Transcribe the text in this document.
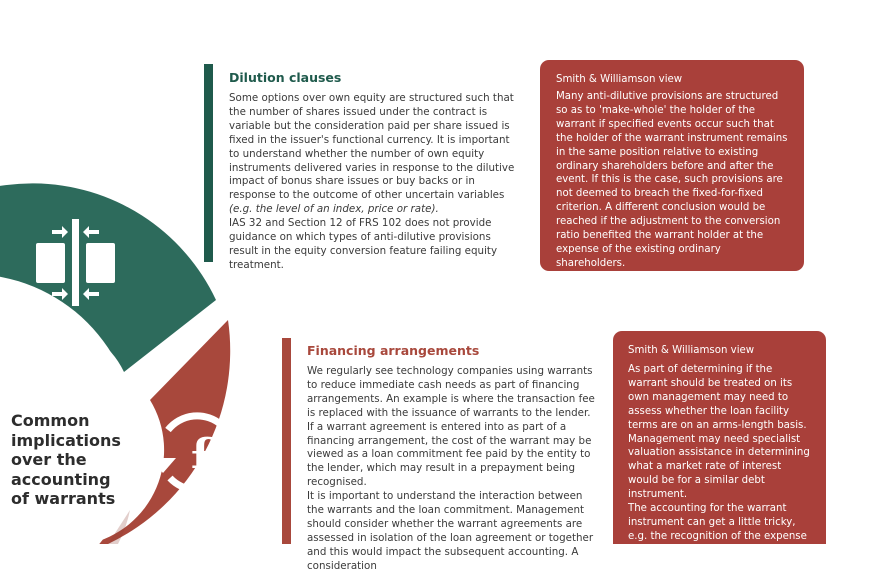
£
Common
implications
over the
accounting
of warrants
Dilution clauses

Some options over own equity are structured such that the number of shares issued under the contract is variable but the consideration paid per share issued is fixed in the issuer's functional currency. It is important to understand whether the number of own equity instruments delivered varies in response to the dilutive impact of bonus share issues or buy backs or in response to the outcome of other uncertain variables (e.g. the level of an index, price or rate).

IAS 32 and Section 12 of FRS 102 does not provide guidance on which types of anti-dilutive provisions result in the equity conversion feature failing equity treatment.

Smith & Williamson view

Many anti-dilutive provisions are structured so as to 'make-whole' the holder of the warrant if specified events occur such that the holder of the warrant instrument remains in the same position relative to existing ordinary shareholders before and after the event. If this is the case, such provisions are not deemed to breach the fixed-for-fixed criterion. A different conclusion would be reached if the adjustment to the conversion ratio benefited the warrant holder at the expense of the existing ordinary shareholders.

Financing arrangements

We regularly see technology companies using warrants to reduce immediate cash needs as part of financing arrangements. An example is where the transaction fee is replaced with the issuance of warrants to the lender. If a warrant agreement is entered into as part of a financing arrangement, the cost of the warrant may be viewed as a loan commitment fee paid by the entity to the lender, which may result in a prepayment being recognised.

It is important to understand the interaction between the warrants and the loan commitment. Management should consider whether the warrant agreements are assessed in isolation of the loan agreement or together and this would impact the subsequent accounting. A consideration

Smith & Williamson view

As part of determining if the warrant should be treated on its own management may need to assess whether the loan facility terms are on an arms-length basis. Management may need specialist valuation assistance in determining what a market rate of interest would be for a similar debt instrument.

The accounting for the warrant instrument can get a little tricky, e.g. the recognition of the expense relating to the warrant is likely to be
